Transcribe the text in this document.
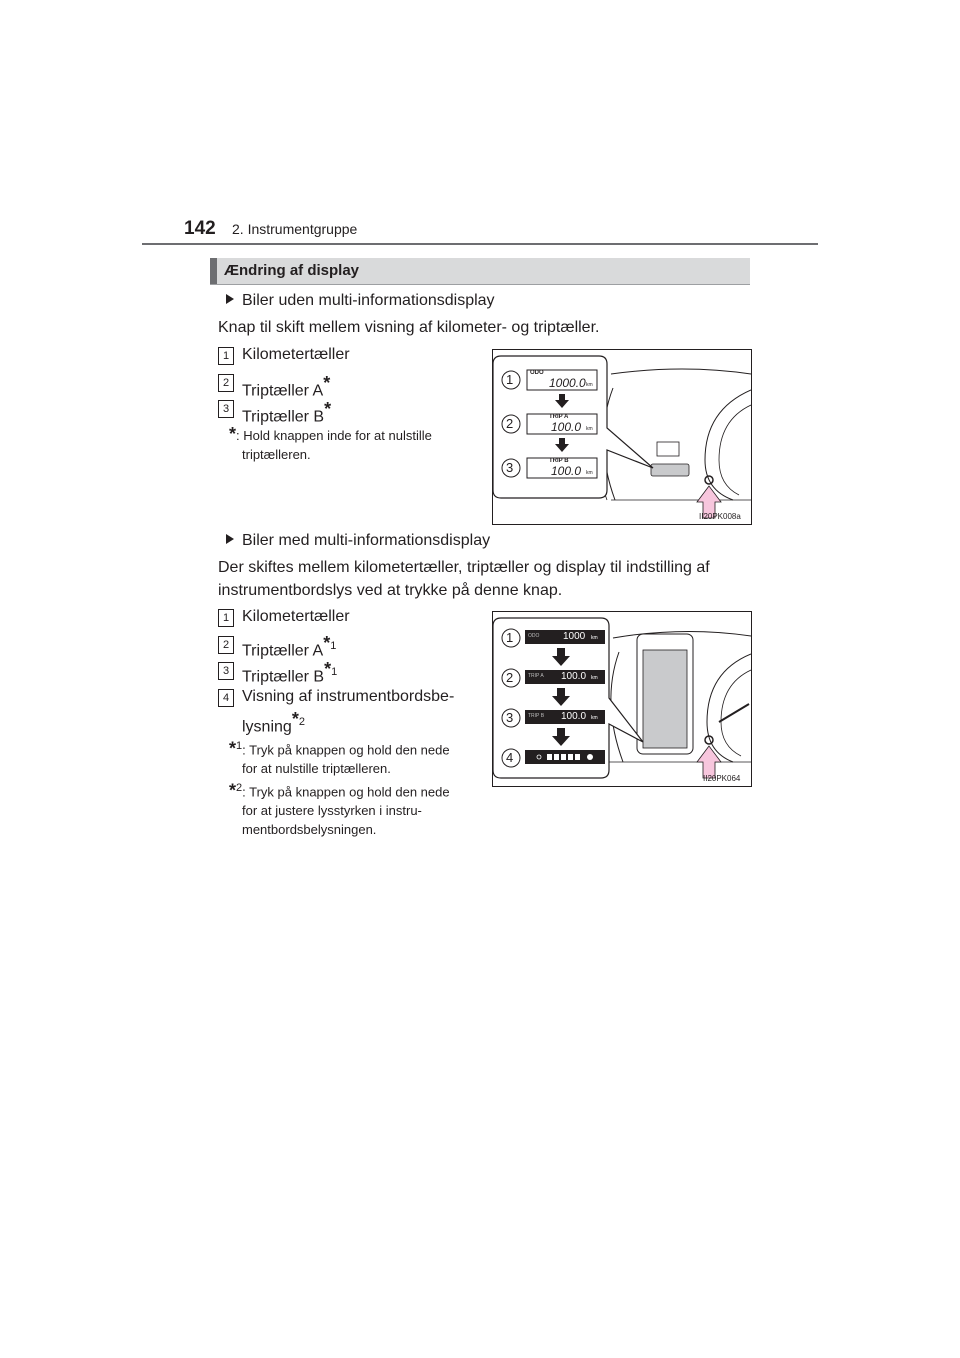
142 2. Instrumentgruppe
Ændring af display
Biler uden multi-informationsdisplay
Knap til skift mellem visning af kilometer- og triptæller.
1 Kilometertæller
2 Triptæller A*
3 Triptæller B*
*: Hold knappen inde for at nulstille
triptælleren.
1
2
3
ODO
1000.0 km
TRIP A
100.0 km
TRIP B
100.0 km
II20PK008a
Biler med multi-informationsdisplay
Der skiftes mellem kilometertæller, triptæller og display til indstilling af
instrumentbordslys ved at trykke på denne knap.
1 Kilometertæller
2 Triptæller $A^{*1}$
3 Triptæller $B^{*1}$
4 Visning af instrumentbordsbe-
lysning$^{*2}$
*$^1$: Tryk på knappen og hold den nede
for at nulstille triptælleren.
*$^2$: Tryk på knappen og hold den nede
for at justere lysstyrken i instru-
mentbordsbelysningen.
1
2
3
4
ODO 1000 km
TRIP A 100.0 km
TRIP B 100.0 km
II20PK064
